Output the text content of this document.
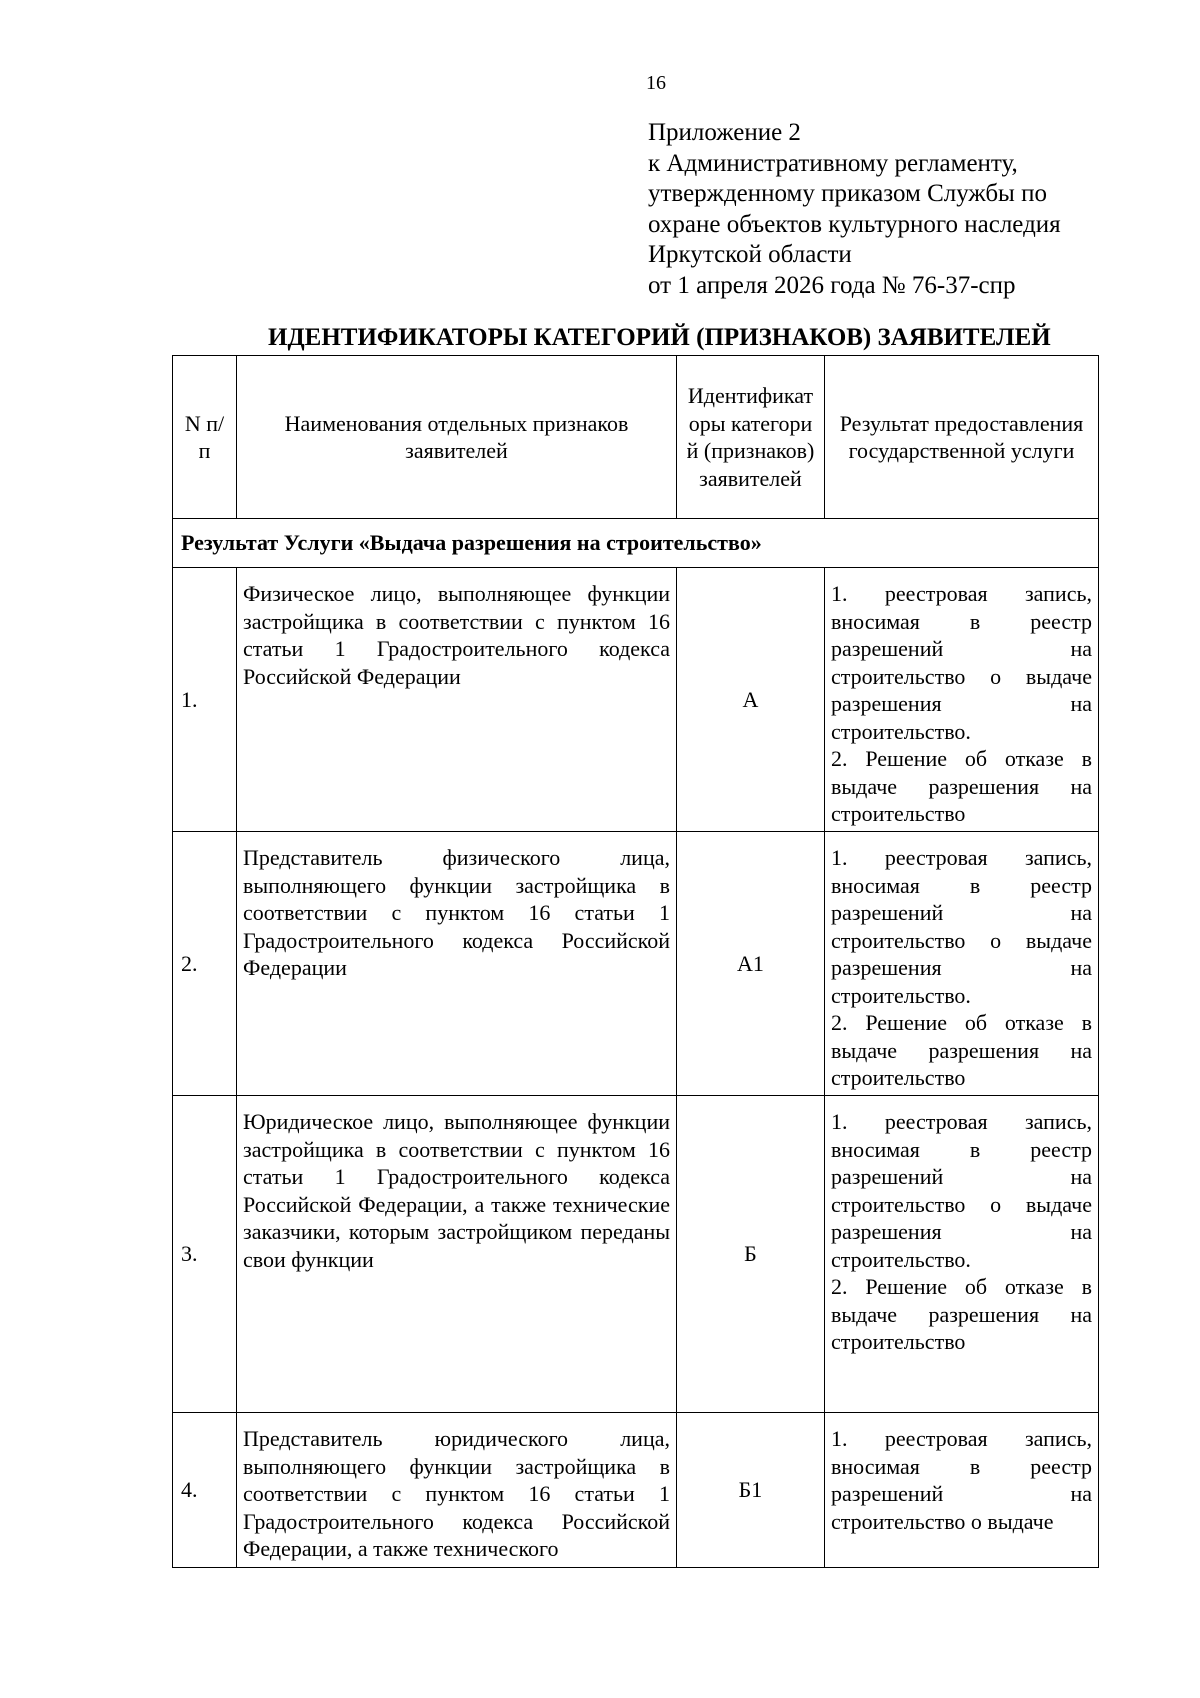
16
Приложение 2
к Административному регламенту,
утвержденному приказом Службы по
охране объектов культурного наследия
Иркутской области
от 1 апреля 2026 года № 76-37-спр
ИДЕНТИФИКАТОРЫ КАТЕГОРИЙ (ПРИЗНАКОВ) ЗАЯВИТЕЛЕЙ
N п/п	Наименования отдельных признаков заявителей	Идентификаторы категорий (признаков) заявителей	Результат предоставления государственной услуги
Результат Услуги «Выдача разрешения на строительство»			
1.	Физическое лицо, выполняющее функции застройщика в соответствии с пунктом 16 статьи 1 Градостроительного кодекса Российской Федерации	А	1. реестровая запись, вносимая в реестр разрешений на строительство о выдаче разрешения на строительство.

2. Решение об отказе в выдаче разрешения на строительство

2.	Представитель физического лица, выполняющего функции застройщика в соответствии с пунктом 16 статьи 1 Градостроительного кодекса Российской Федерации	А1	1. реестровая запись, вносимая в реестр разрешений на строительство о выдаче разрешения на строительство.

2. Решение об отказе в выдаче разрешения на строительство

3.	Юридическое лицо, выполняющее функции застройщика в соответствии с пунктом 16 статьи 1 Градостроительного кодекса Российской Федерации, а также технические заказчики, которым застройщиком переданы свои функции	Б	1. реестровая запись, вносимая в реестр разрешений на строительство о выдаче разрешения на строительство.

2. Решение об отказе в выдаче разрешения на строительство

4.	Представитель юридического лица, выполняющего функции застройщика в соответствии с пунктом 16 статьи 1 Градостроительного кодекса Российской Федерации, а также технического	Б1	1. реестровая запись, вносимая в реестр разрешений на строительство о выдаче
